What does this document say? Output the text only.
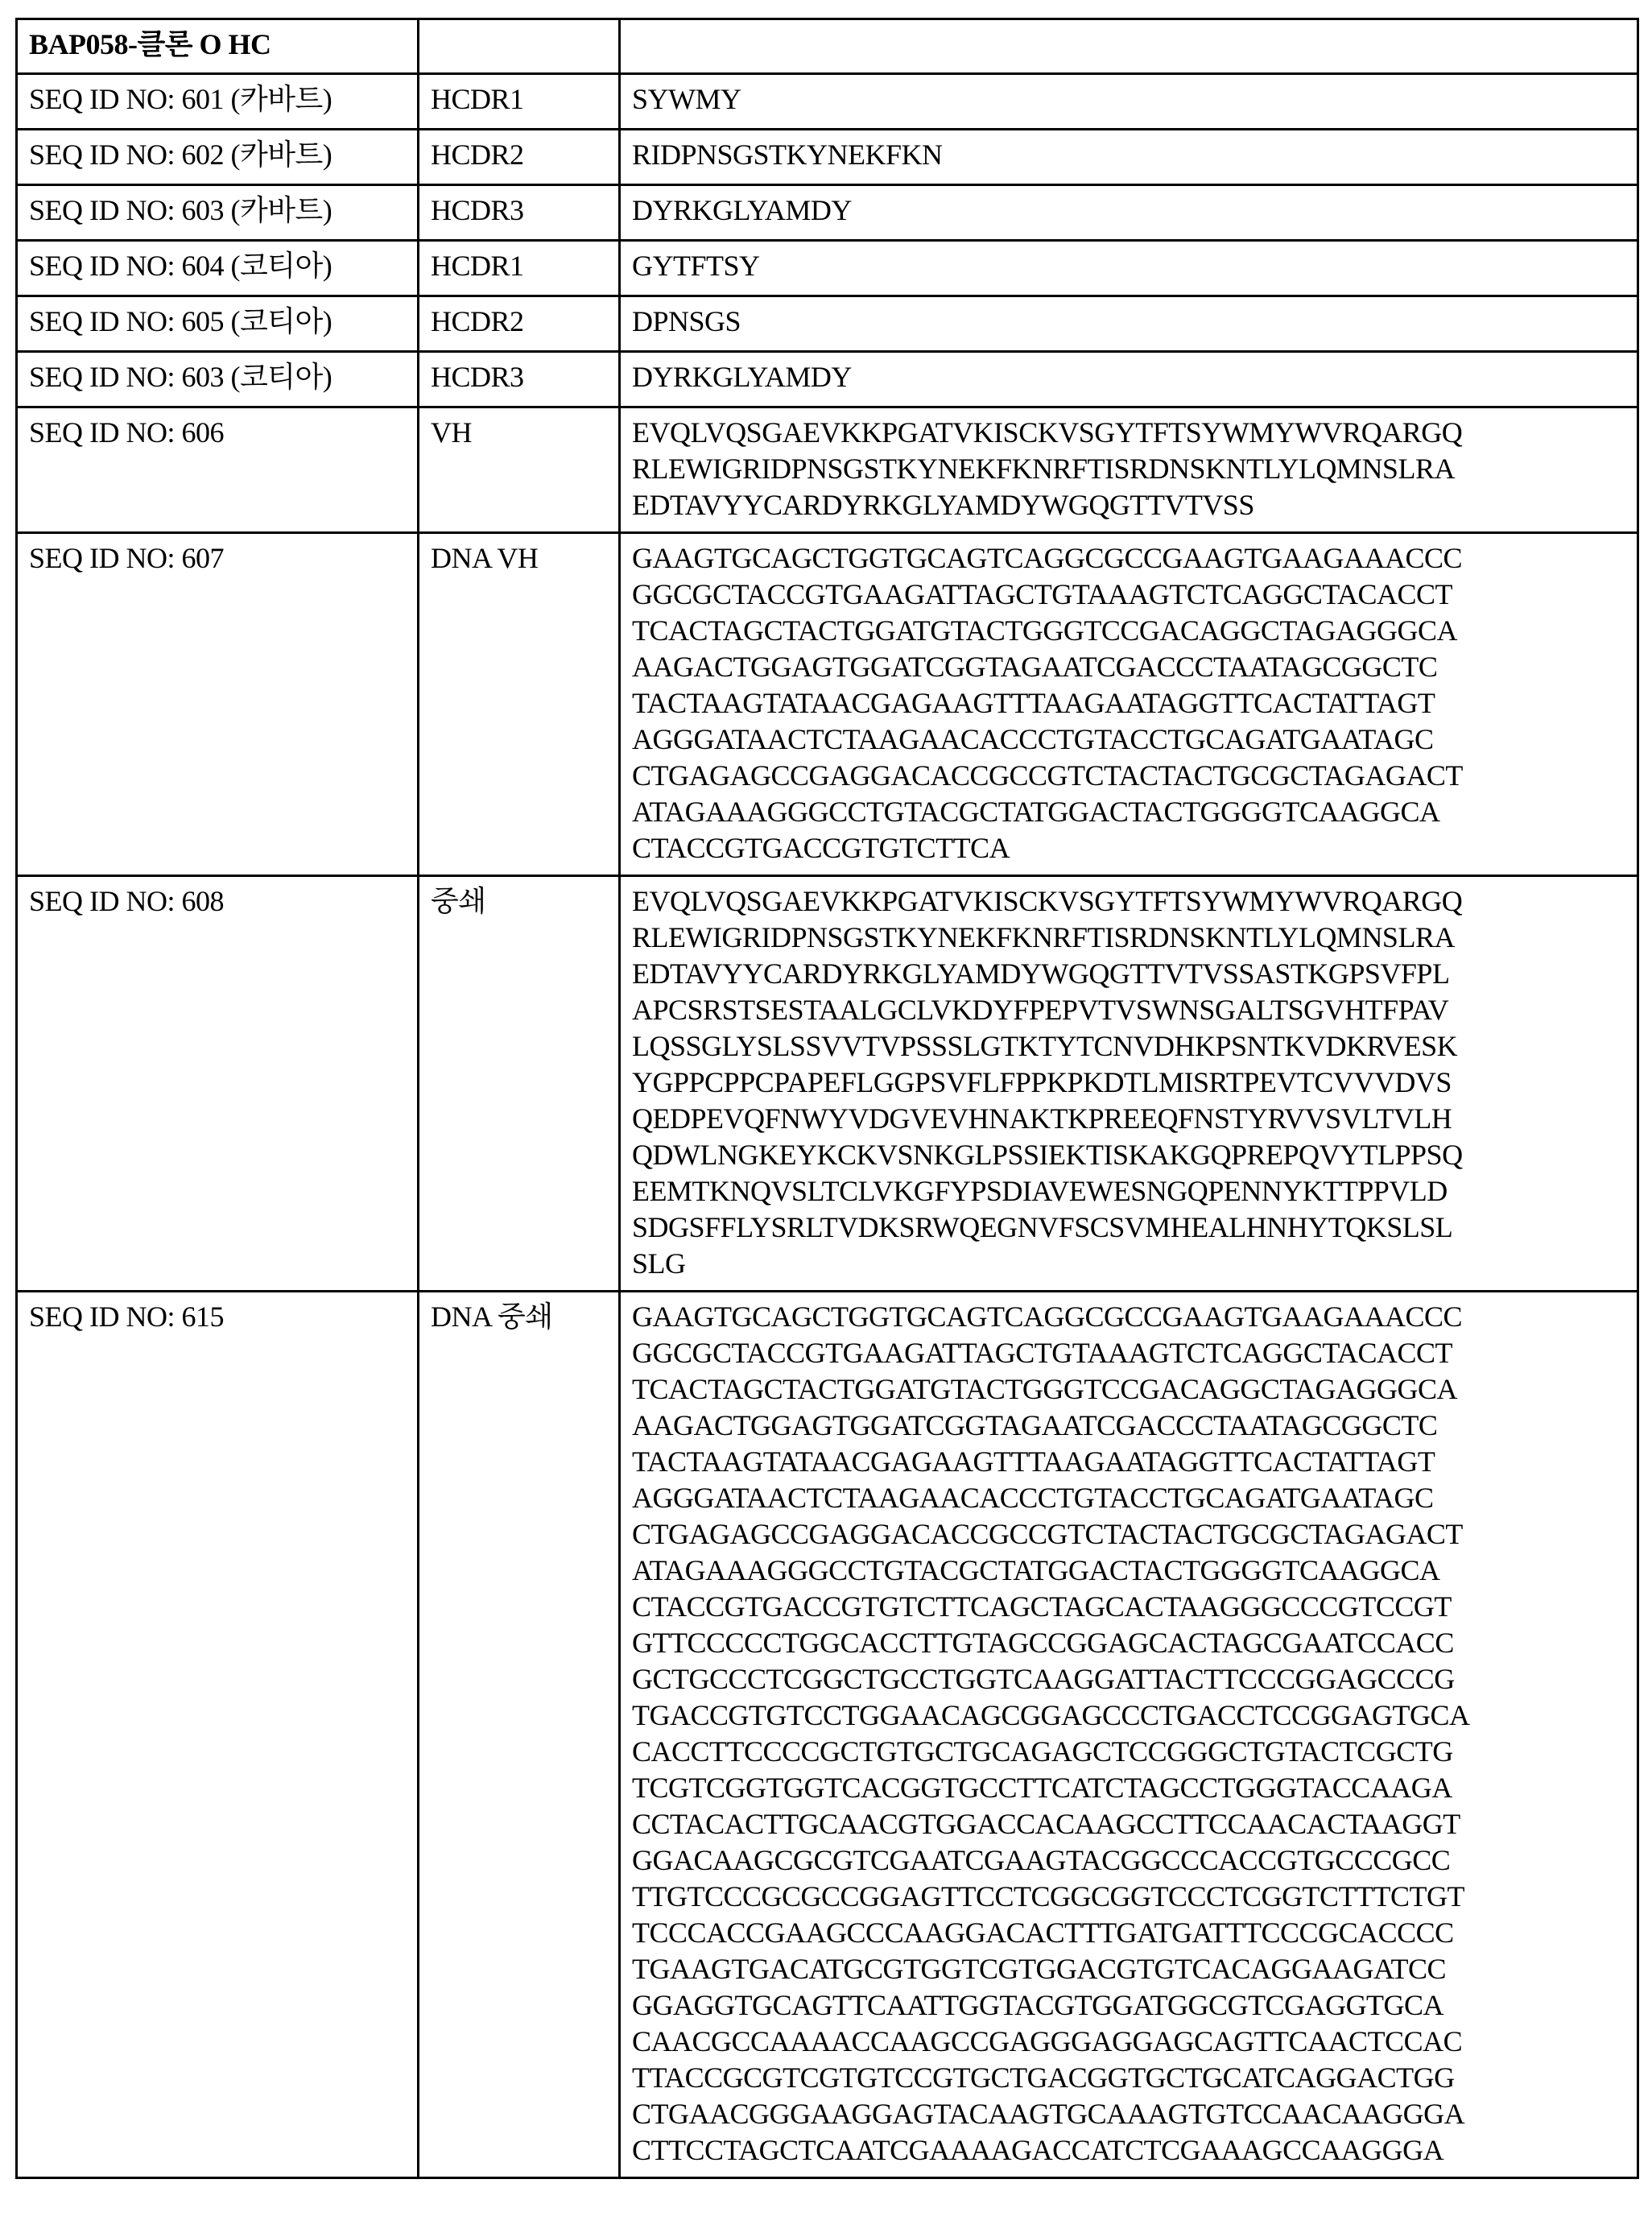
BAP058-클론 O HC		
SEQ ID NO: 601 (카바트)	HCDR1	SYWMY

SEQ ID NO: 602 (카바트)	HCDR2	RIDPNSGSTKYNEKFKN

SEQ ID NO: 603 (카바트)	HCDR3	DYRKGLYAMDY

SEQ ID NO: 604 (코티아)	HCDR1	GYTFTSY

SEQ ID NO: 605 (코티아)	HCDR2	DPNSGS

SEQ ID NO: 603 (코티아)	HCDR3	DYRKGLYAMDY

SEQ ID NO: 606	VH	EVQLVQSGAEVKKPGATVKISCKVSGYTFTSYWMYWVRQARGQ
RLEWIGRIDPNSGSTKYNEKFKNRFTISRDNSKNTLYLQMNSLRA
EDTAVYYCARDYRKGLYAMDYWGQGTTVTVSS

SEQ ID NO: 607	DNA VH	GAAGTGCAGCTGGTGCAGTCAGGCGCCGAAGTGAAGAAACCC
GGCGCTACCGTGAAGATTAGCTGTAAAGTCTCAGGCTACACCT
TCACTAGCTACTGGATGTACTGGGTCCGACAGGCTAGAGGGCA
AAGACTGGAGTGGATCGGTAGAATCGACCCTAATAGCGGCTC
TACTAAGTATAACGAGAAGTTTAAGAATAGGTTCACTATTAGT
AGGGATAACTCTAAGAACACCCTGTACCTGCAGATGAATAGC
CTGAGAGCCGAGGACACCGCCGTCTACTACTGCGCTAGAGACT
ATAGAAAGGGCCTGTACGCTATGGACTACTGGGGTCAAGGCA
CTACCGTGACCGTGTCTTCA

SEQ ID NO: 608	중쇄	EVQLVQSGAEVKKPGATVKISCKVSGYTFTSYWMYWVRQARGQ
RLEWIGRIDPNSGSTKYNEKFKNRFTISRDNSKNTLYLQMNSLRA
EDTAVYYCARDYRKGLYAMDYWGQGTTVTVSSASTKGPSVFPL
APCSRSTSESTAALGCLVKDYFPEPVTVSWNSGALTSGVHTFPAV
LQSSGLYSLSSVVTVPSSSLGTKTYTCNVDHKPSNTKVDKRVESK
YGPPCPPCPAPEFLGGPSVFLFPPKPKDTLMISRTPEVTCVVVDVS
QEDPEVQFNWYVDGVEVHNAKTKPREEQFNSTYRVVSVLTVLH
QDWLNGKEYKCKVSNKGLPSSIEKTISKAKGQPREPQVYTLPPSQ
EEMTKNQVSLTCLVKGFYPSDIAVEWESNGQPENNYKTTPPVLD
SDGSFFLYSRLTVDKSRWQEGNVFSCSVMHEALHNHYTQKSLSL
SLG

SEQ ID NO: 615	DNA 중쇄	GAAGTGCAGCTGGTGCAGTCAGGCGCCGAAGTGAAGAAACCC
GGCGCTACCGTGAAGATTAGCTGTAAAGTCTCAGGCTACACCT
TCACTAGCTACTGGATGTACTGGGTCCGACAGGCTAGAGGGCA
AAGACTGGAGTGGATCGGTAGAATCGACCCTAATAGCGGCTC
TACTAAGTATAACGAGAAGTTTAAGAATAGGTTCACTATTAGT
AGGGATAACTCTAAGAACACCCTGTACCTGCAGATGAATAGC
CTGAGAGCCGAGGACACCGCCGTCTACTACTGCGCTAGAGACT
ATAGAAAGGGCCTGTACGCTATGGACTACTGGGGTCAAGGCA
CTACCGTGACCGTGTCTTCAGCTAGCACTAAGGGCCCGTCCGT
GTTCCCCCTGGCACCTTGTAGCCGGAGCACTAGCGAATCCACC
GCTGCCCTCGGCTGCCTGGTCAAGGATTACTTCCCGGAGCCCG
TGACCGTGTCCTGGAACAGCGGAGCCCTGACCTCCGGAGTGCA
CACCTTCCCCGCTGTGCTGCAGAGCTCCGGGCTGTACTCGCTG
TCGTCGGTGGTCACGGTGCCTTCATCTAGCCTGGGTACCAAGA
CCTACACTTGCAACGTGGACCACAAGCCTTCCAACACTAAGGT
GGACAAGCGCGTCGAATCGAAGTACGGCCCACCGTGCCCGCC
TTGTCCCGCGCCGGAGTTCCTCGGCGGTCCCTCGGTCTTTCTGT
TCCCACCGAAGCCCAAGGACACTTTGATGATTTCCCGCACCCC
TGAAGTGACATGCGTGGTCGTGGACGTGTCACAGGAAGATCC
GGAGGTGCAGTTCAATTGGTACGTGGATGGCGTCGAGGTGCA
CAACGCCAAAACCAAGCCGAGGGAGGAGCAGTTCAACTCCAC
TTACCGCGTCGTGTCCGTGCTGACGGTGCTGCATCAGGACTGG
CTGAACGGGAAGGAGTACAAGTGCAAAGTGTCCAACAAGGGA
CTTCCTAGCTCAATCGAAAAGACCATCTCGAAAGCCAAGGGA
